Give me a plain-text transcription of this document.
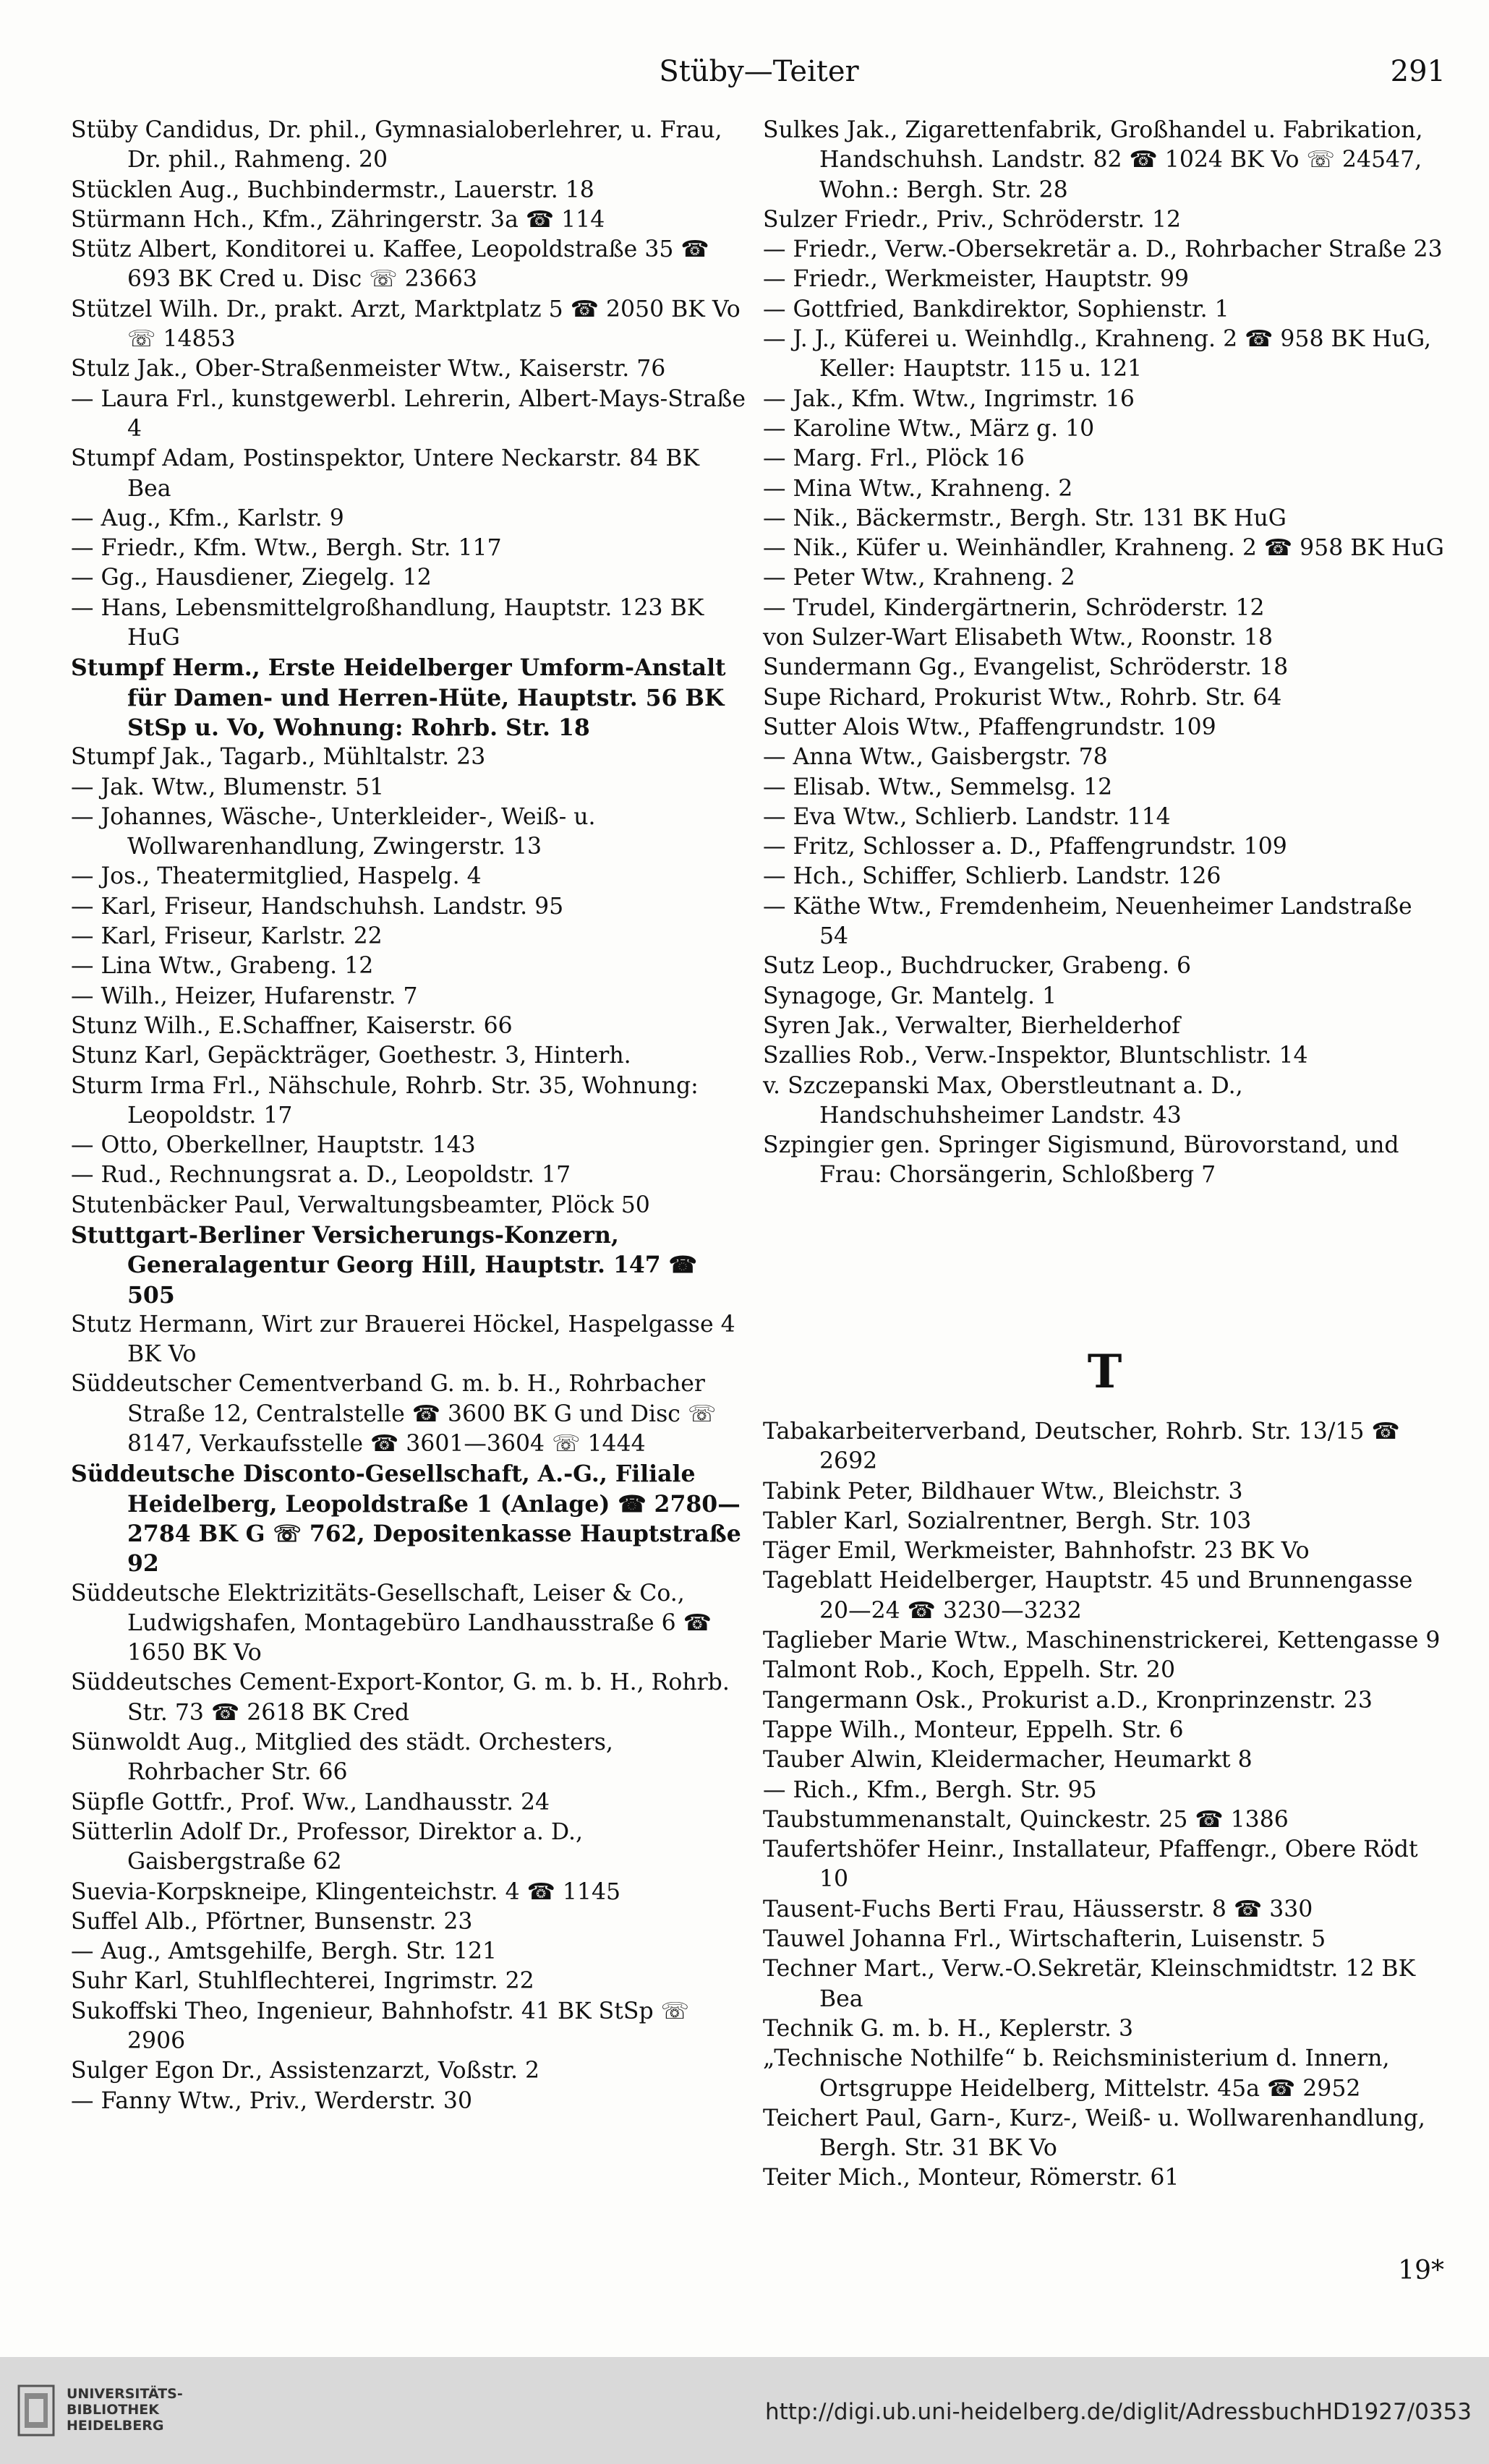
Stüby—Teiter	291

Stüby Candidus, Dr. phil., Gymnasialoberlehrer, u. Frau, Dr. phil., Rahmeng. 20

Stücklen Aug., Buchbindermstr., Lauerstr. 18

Stürmann Hch., Kfm., Zähringerstr. 3a ☎ 114

Stütz Albert, Konditorei u. Kaffee, Leopoldstraße 35 ☎ 693 BK Cred u. Disc ☏ 23663

Stützel Wilh. Dr., prakt. Arzt, Marktplatz 5 ☎ 2050 BK Vo ☏ 14853

Stulz Jak., Ober-Straßenmeister Wtw., Kaiserstr. 76

— Laura Frl., kunstgewerbl. Lehrerin, Albert-Mays-Straße 4

Stumpf Adam, Postinspektor, Untere Neckarstr. 84 BK Bea

— Aug., Kfm., Karlstr. 9

— Friedr., Kfm. Wtw., Bergh. Str. 117

— Gg., Hausdiener, Ziegelg. 12

— Hans, Lebensmittelgroßhandlung, Hauptstr. 123 BK HuG

Stumpf Herm., Erste Heidelberger Umform-Anstalt für Damen- und Herren-Hüte, Hauptstr. 56 BK StSp u. Vo, Wohnung: Rohrb. Str. 18

Stumpf Jak., Tagarb., Mühltalstr. 23

— Jak. Wtw., Blumenstr. 51

— Johannes, Wäsche-, Unterkleider-, Weiß- u. Wollwarenhandlung, Zwingerstr. 13

— Jos., Theatermitglied, Haspelg. 4

— Karl, Friseur, Handschuhsh. Landstr. 95

— Karl, Friseur, Karlstr. 22

— Lina Wtw., Grabeng. 12

— Wilh., Heizer, Hufarenstr. 7

Stunz Wilh., E.Schaffner, Kaiserstr. 66

Stunz Karl, Gepäckträger, Goethestr. 3, Hinterh.

Sturm Irma Frl., Nähschule, Rohrb. Str. 35, Wohnung: Leopoldstr. 17

— Otto, Oberkellner, Hauptstr. 143

— Rud., Rechnungsrat a. D., Leopoldstr. 17

Stutenbäcker Paul, Verwaltungsbeamter, Plöck 50

Stuttgart-Berliner Versicherungs-Konzern, Generalagentur Georg Hill, Hauptstr. 147 ☎ 505

Stutz Hermann, Wirt zur Brauerei Höckel, Haspelgasse 4 BK Vo

Süddeutscher Cementverband G. m. b. H., Rohrbacher Straße 12, Centralstelle ☎ 3600 BK G und Disc ☏ 8147, Verkaufsstelle ☎ 3601—3604 ☏ 1444

Süddeutsche Disconto-Gesellschaft, A.-G., Filiale Heidelberg, Leopoldstraße 1 (Anlage) ☎ 2780—2784 BK G ☏ 762, Depositenkasse Hauptstraße 92

Süddeutsche Elektrizitäts-Gesellschaft, Leiser & Co., Ludwigshafen, Montagebüro Landhausstraße 6 ☎ 1650 BK Vo

Süddeutsches Cement-Export-Kontor, G. m. b. H., Rohrb. Str. 73 ☎ 2618 BK Cred

Sünwoldt Aug., Mitglied des städt. Orchesters, Rohrbacher Str. 66

Süpfle Gottfr., Prof. Ww., Landhausstr. 24

Sütterlin Adolf Dr., Professor, Direktor a. D., Gaisbergstraße 62

Suevia-Korpskneipe, Klingenteichstr. 4 ☎ 1145

Suffel Alb., Pförtner, Bunsenstr. 23

— Aug., Amtsgehilfe, Bergh. Str. 121

Suhr Karl, Stuhlflechterei, Ingrimstr. 22

Sukoffski Theo, Ingenieur, Bahnhofstr. 41 BK StSp ☏ 2906

Sulger Egon Dr., Assistenzarzt, Voßstr. 2

— Fanny Wtw., Priv., Werderstr. 30

Sulkes Jak., Zigarettenfabrik, Großhandel u. Fabrikation, Handschuhsh. Landstr. 82 ☎ 1024 BK Vo ☏ 24547, Wohn.: Bergh. Str. 28

Sulzer Friedr., Priv., Schröderstr. 12

— Friedr., Verw.-Obersekretär a. D., Rohrbacher Straße 23

— Friedr., Werkmeister, Hauptstr. 99

— Gottfried, Bankdirektor, Sophienstr. 1

— J. J., Küferei u. Weinhdlg., Krahneng. 2 ☎ 958 BK HuG, Keller: Hauptstr. 115 u. 121

— Jak., Kfm. Wtw., Ingrimstr. 16

— Karoline Wtw., März g. 10

— Marg. Frl., Plöck 16

— Mina Wtw., Krahneng. 2

— Nik., Bäckermstr., Bergh. Str. 131 BK HuG

— Nik., Küfer u. Weinhändler, Krahneng. 2 ☎ 958 BK HuG

— Peter Wtw., Krahneng. 2

— Trudel, Kindergärtnerin, Schröderstr. 12

von Sulzer-Wart Elisabeth Wtw., Roonstr. 18

Sundermann Gg., Evangelist, Schröderstr. 18

Supe Richard, Prokurist Wtw., Rohrb. Str. 64

Sutter Alois Wtw., Pfaffengrundstr. 109

— Anna Wtw., Gaisbergstr. 78

— Elisab. Wtw., Semmelsg. 12

— Eva Wtw., Schlierb. Landstr. 114

— Fritz, Schlosser a. D., Pfaffengrundstr. 109

— Hch., Schiffer, Schlierb. Landstr. 126

— Käthe Wtw., Fremdenheim, Neuenheimer Landstraße 54

Sutz Leop., Buchdrucker, Grabeng. 6

Synagoge, Gr. Mantelg. 1

Syren Jak., Verwalter, Bierhelderhof

Szallies Rob., Verw.-Inspektor, Bluntschlistr. 14

v. Szczepanski Max, Oberstleutnant a. D., Handschuhsheimer Landstr. 43

Szpingier gen. Springer Sigismund, Bürovorstand, und Frau: Chorsängerin, Schloßberg 7

T

Tabakarbeiterverband, Deutscher, Rohrb. Str. 13/15 ☎ 2692

Tabink Peter, Bildhauer Wtw., Bleichstr. 3

Tabler Karl, Sozialrentner, Bergh. Str. 103

Täger Emil, Werkmeister, Bahnhofstr. 23 BK Vo

Tageblatt Heidelberger, Hauptstr. 45 und Brunnengasse 20—24 ☎ 3230—3232

Taglieber Marie Wtw., Maschinenstrickerei, Kettengasse 9

Talmont Rob., Koch, Eppelh. Str. 20

Tangermann Osk., Prokurist a.D., Kronprinzenstr. 23

Tappe Wilh., Monteur, Eppelh. Str. 6

Tauber Alwin, Kleidermacher, Heumarkt 8

— Rich., Kfm., Bergh. Str. 95

Taubstummenanstalt, Quinckestr. 25 ☎ 1386

Taufertshöfer Heinr., Installateur, Pfaffengr., Obere Rödt 10

Tausent-Fuchs Berti Frau, Häusserstr. 8 ☎ 330

Tauwel Johanna Frl., Wirtschafterin, Luisenstr. 5

Techner Mart., Verw.-O.Sekretär, Kleinschmidtstr. 12 BK Bea

Technik G. m. b. H., Keplerstr. 3

„Technische Nothilfe“ b. Reichsministerium d. Innern, Ortsgruppe Heidelberg, Mittelstr. 45a ☎ 2952

Teichert Paul, Garn-, Kurz-, Weiß- u. Wollwarenhandlung, Bergh. Str. 31 BK Vo

Teiter Mich., Monteur, Römerstr. 61

19*
UNIVERSITÄTS-
BIBLIOTHEK
HEIDELBERG
http://digi.ub.uni-heidelberg.de/diglit/AdressbuchHD1927/0353
